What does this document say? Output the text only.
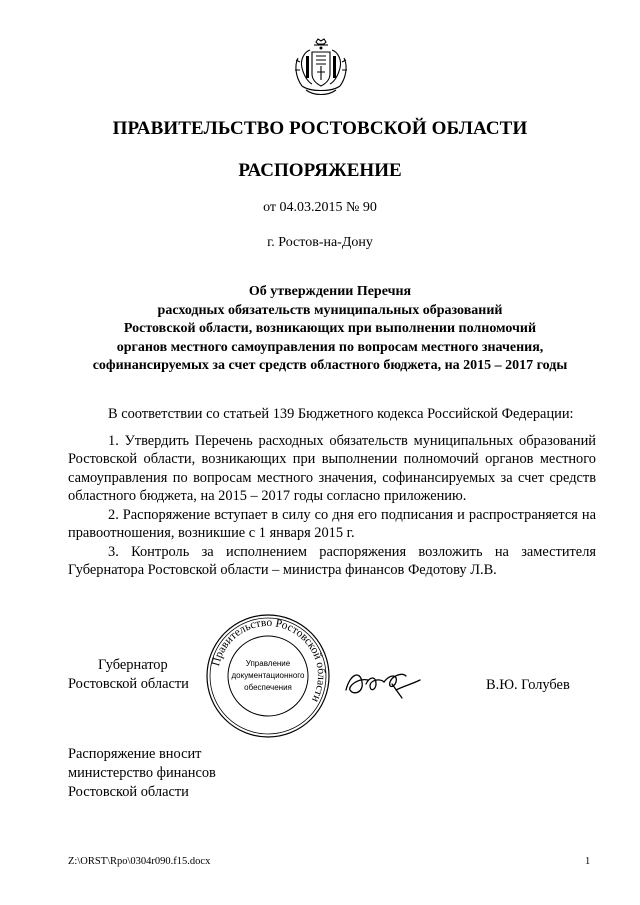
ПРАВИТЕЛЬСТВО РОСТОВСКОЙ ОБЛАСТИ
РАСПОРЯЖЕНИЕ
от 04.03.2015 № 90
г. Ростов-на-Дону
Об утверждении Перечня
расходных обязательств муниципальных образований
Ростовской области, возникающих при выполнении полномочий
органов местного самоуправления по вопросам местного значения,
софинансируемых за счет средств областного бюджета, на 2015 – 2017 годы

В соответствии со статьей 139 Бюджетного кодекса Российской Федерации:

1. Утвердить Перечень расходных обязательств муниципальных образований Ростовской области, возникающих при выполнении полномочий органов местного самоуправления по вопросам местного значения, софинансируемых за счет средств областного бюджета, на 2015 – 2017 годы согласно приложению.

2. Распоряжение вступает в силу со дня его подписания и распространяется на правоотношения, возникшие с 1 января 2015 г.

3. Контроль за исполнением распоряжения возложить на заместителя Губернатора Ростовской области – министра финансов Федотову Л.В.

Губернатор
Ростовской области
Правительство Ростовской области
Управление
документационного
обеспечения	В.Ю. Голубев
Распоряжение вносит
министерство финансов
Ростовской области
Z:\ORST\Rpo\0304r090.f15.docx	1
